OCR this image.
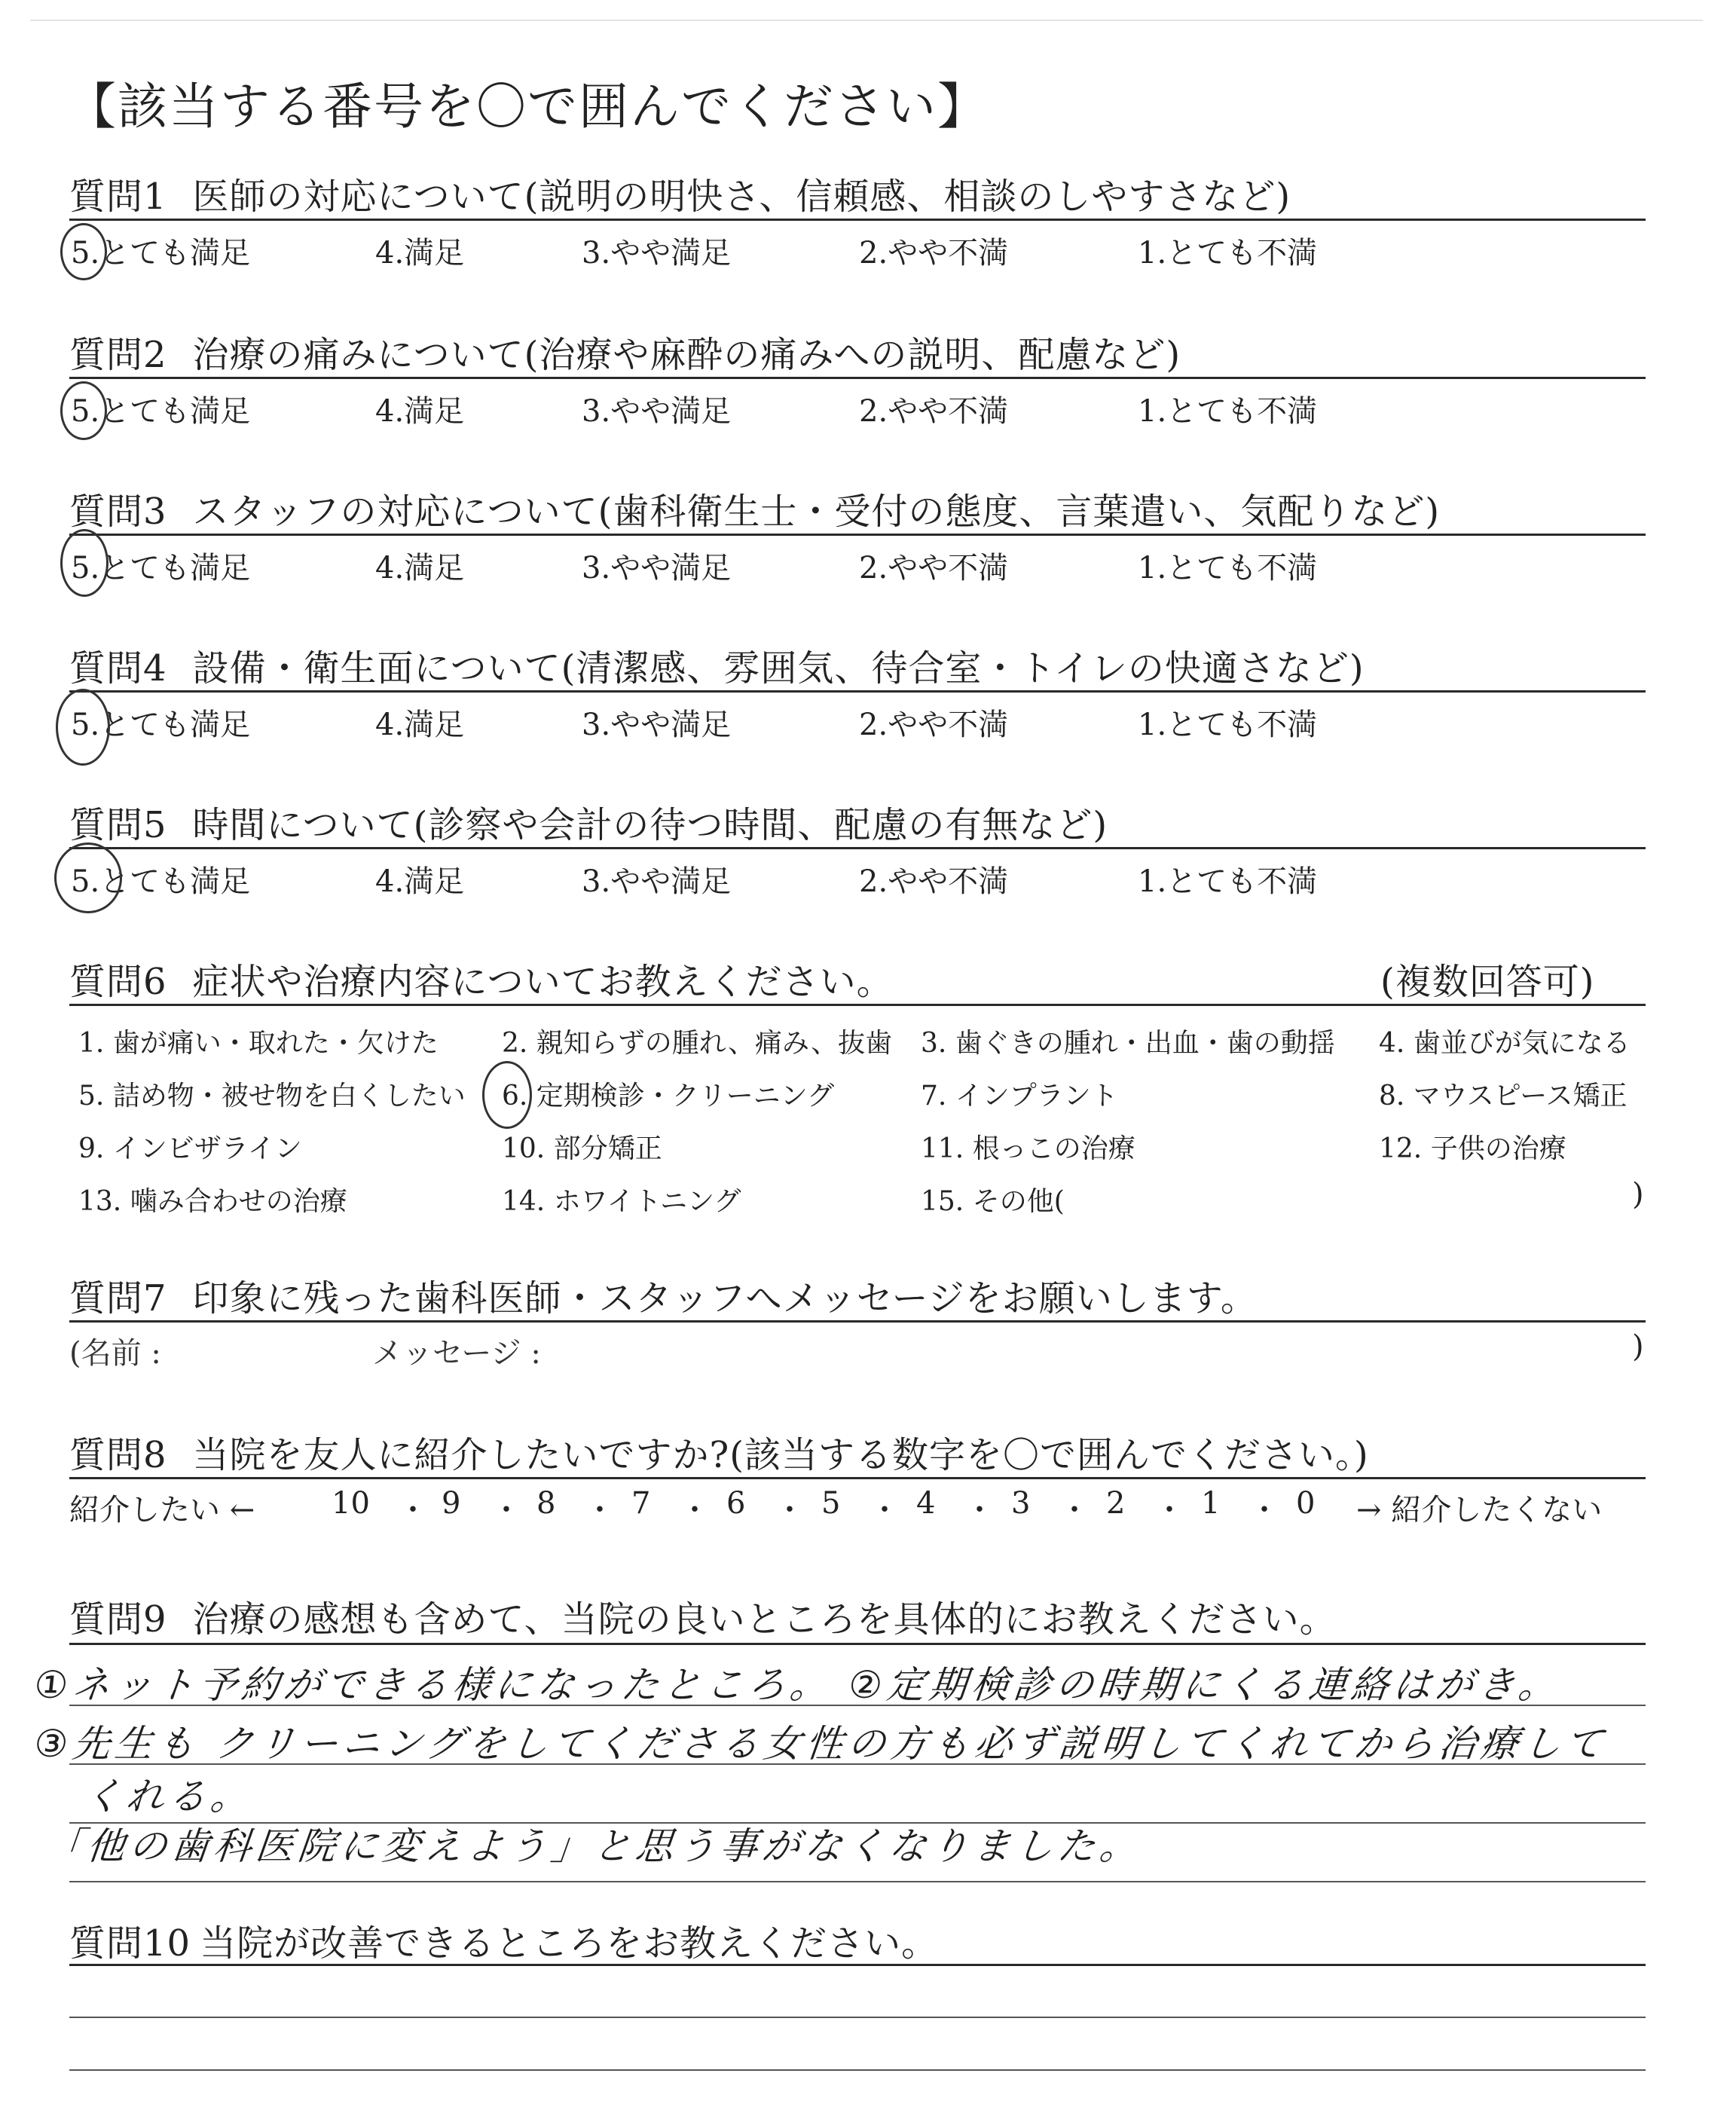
【該当する番号を〇で囲んでください】
質問1 医師の対応について(説明の明快さ、信頼感、相談のしやすさなど)
5.とても満足	4.満足	3.やや満足	2.やや不満	1.とても不満
質問2 治療の痛みについて(治療や麻酔の痛みへの説明、配慮など)
5.とても満足	4.満足	3.やや満足	2.やや不満	1.とても不満
質問3 スタッフの対応について(歯科衛生士・受付の態度、言葉遣い、気配りなど)
5.とても満足	4.満足	3.やや満足	2.やや不満	1.とても不満
質問4 設備・衛生面について(清潔感、雰囲気、待合室・トイレの快適さなど)
5.とても満足	4.満足	3.やや満足	2.やや不満	1.とても不満
質問5 時間について(診察や会計の待つ時間、配慮の有無など)
5.とても満足	4.満足	3.やや満足	2.やや不満	1.とても不満
質問6 症状や治療内容についてお教えください。	(複数回答可)
1. 歯が痛い・取れた・欠けた 2. 親知らずの腫れ、痛み、抜歯 3. 歯ぐきの腫れ・出血・歯の動揺 4. 歯並びが気になる
5. 詰め物・被せ物を白くしたい 6. 定期検診・クリーニング	7. インプラント	8. マウスピース矯正
9. インビザライン	10. 部分矯正	11. 根っこの治療	12. 子供の治療
13. 噛み合わせの治療	14. ホワイトニング	15. その他(	)
質問7 印象に残った歯科医師・スタッフへメッセージをお願いします。
(名前 :	メッセージ :	)
質問8 当院を友人に紹介したいですか?(該当する数字を〇で囲んでください。)
紹介したい ←	10 ・ 9 ・ 8 ・ 7 ・ 6 ・ 5 ・ 4 ・ 3 ・ 2 ・ 1 ・ 0 → 紹介したくない
質問9 治療の感想も含めて、当院の良いところを具体的にお教えください。
①ネット予約ができる様になったところ。 ②定期検診の時期にくる連絡はがき。
③先生も クリーニングをしてくださる女性の方も必ず説明してくれてから治療して
くれる。
「他の歯科医院に変えよう」と思う事がなくなりました。
質問10 当院が改善できるところをお教えください。
